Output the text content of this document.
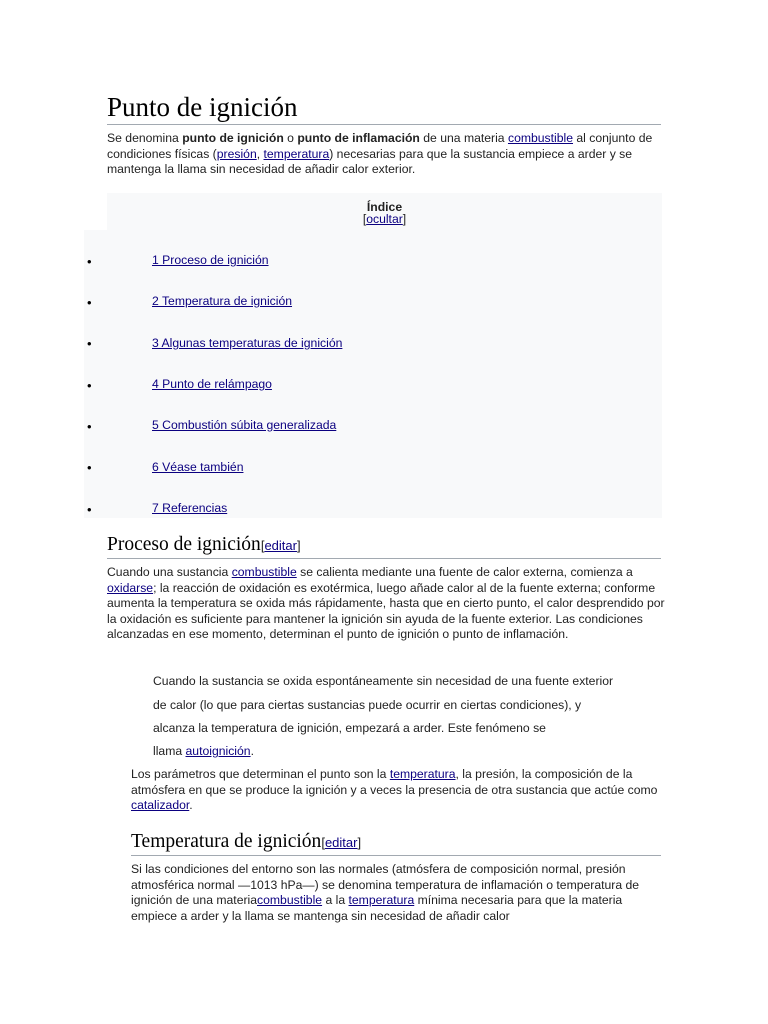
Punto de ignición

Se denomina punto de ignición o punto de inflamación de una materia combustible al conjunto de condiciones físicas (presión, temperatura) necesarias para que la sustancia empiece a arder y se mantenga la llama sin necesidad de añadir calor exterior.

Índice
[ocultar]
•	1 Proceso de ignición
•	2 Temperatura de ignición
•	3 Algunas temperaturas de ignición
•	4 Punto de relámpago
•	5 Combustión súbita generalizada
•	6 Véase también
•	7 Referencias
Proceso de ignición[editar]

Cuando una sustancia combustible se calienta mediante una fuente de calor externa, comienza a oxidarse; la reacción de oxidación es exotérmica, luego añade calor al de la fuente externa; conforme aumenta la temperatura se oxida más rápidamente, hasta que en cierto punto, el calor desprendido por la oxidación es suficiente para mantener la ignición sin ayuda de la fuente exterior. Las condiciones alcanzadas en ese momento, determinan el punto de ignición o punto de inflamación.

Cuando la sustancia se oxida espontáneamente sin necesidad de una fuente exterior
de calor (lo que para ciertas sustancias puede ocurrir en ciertas condiciones), y
alcanza la temperatura de ignición, empezará a arder. Este fenómeno se
llama autoignición.

Los parámetros que determinan el punto son la temperatura, la presión, la composición de la atmósfera en que se produce la ignición y a veces la presencia de otra sustancia que actúe como catalizador.

Temperatura de ignición[editar]

Si las condiciones del entorno son las normales (atmósfera de composición normal, presión atmosférica normal —1013 hPa—) se denomina temperatura de inflamación o temperatura de ignición de una materiacombustible a la temperatura mínima necesaria para que la materia empiece a arder y la llama se mantenga sin necesidad de añadir calor
